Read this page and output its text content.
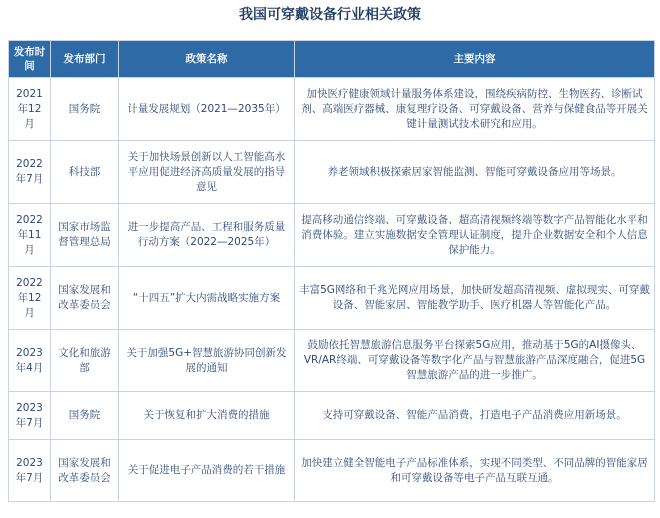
我国可穿戴设备行业相关政策
发布时间	发布部门	政策名称	主要内容
2021年12月	国务院	计量发展规划（2021—2035年）	加快医疗健康领域计量服务体系建设，围绕疾病防控、生物医药、诊断试剂、高端医疗器械、康复理疗设备、可穿戴设备、营养与保健食品等开展关键计量测试技术研究和应用。
2022年7月	科技部	关于加快场景创新以人工智能高水平应用促进经济高质量发展的指导意见	养老领域积极探索居家智能监测、智能可穿戴设备应用等场景。
2022年11月	国家市场监督管理总局	进一步提高产品、工程和服务质量行动方案（2022—2025年）	提高移动通信终端、可穿戴设备、超高清视频终端等数字产品智能化水平和消费体验。建立实施数据安全管理认证制度，提升企业数据安全和个人信息保护能力。
2022年12月	国家发展和改革委员会	“十四五”扩大内需战略实施方案	丰富5G网络和千兆光网应用场景，加快研发超高清视频、虚拟现实、可穿戴设备、智能家居、智能教学助手、医疗机器人等智能化产品。
2023年4月	文化和旅游部	关于加强5G+智慧旅游协同创新发展的通知	鼓励依托智慧旅游信息服务平台探索5G应用，推动基于5G的AI摄像头、VR/AR终端、可穿戴设备等数字化产品与智慧旅游产品深度融合，促进5G智慧旅游产品的进一步推广。
2023年7月	国务院	关于恢复和扩大消费的措施	支持可穿戴设备、智能产品消费，打造电子产品消费应用新场景。
2023年7月	国家发展和改革委员会	关于促进电子产品消费的若干措施	加快建立健全智能电子产品标准体系，实现不同类型、不同品牌的智能家居和可穿戴设备等电子产品互联互通。
